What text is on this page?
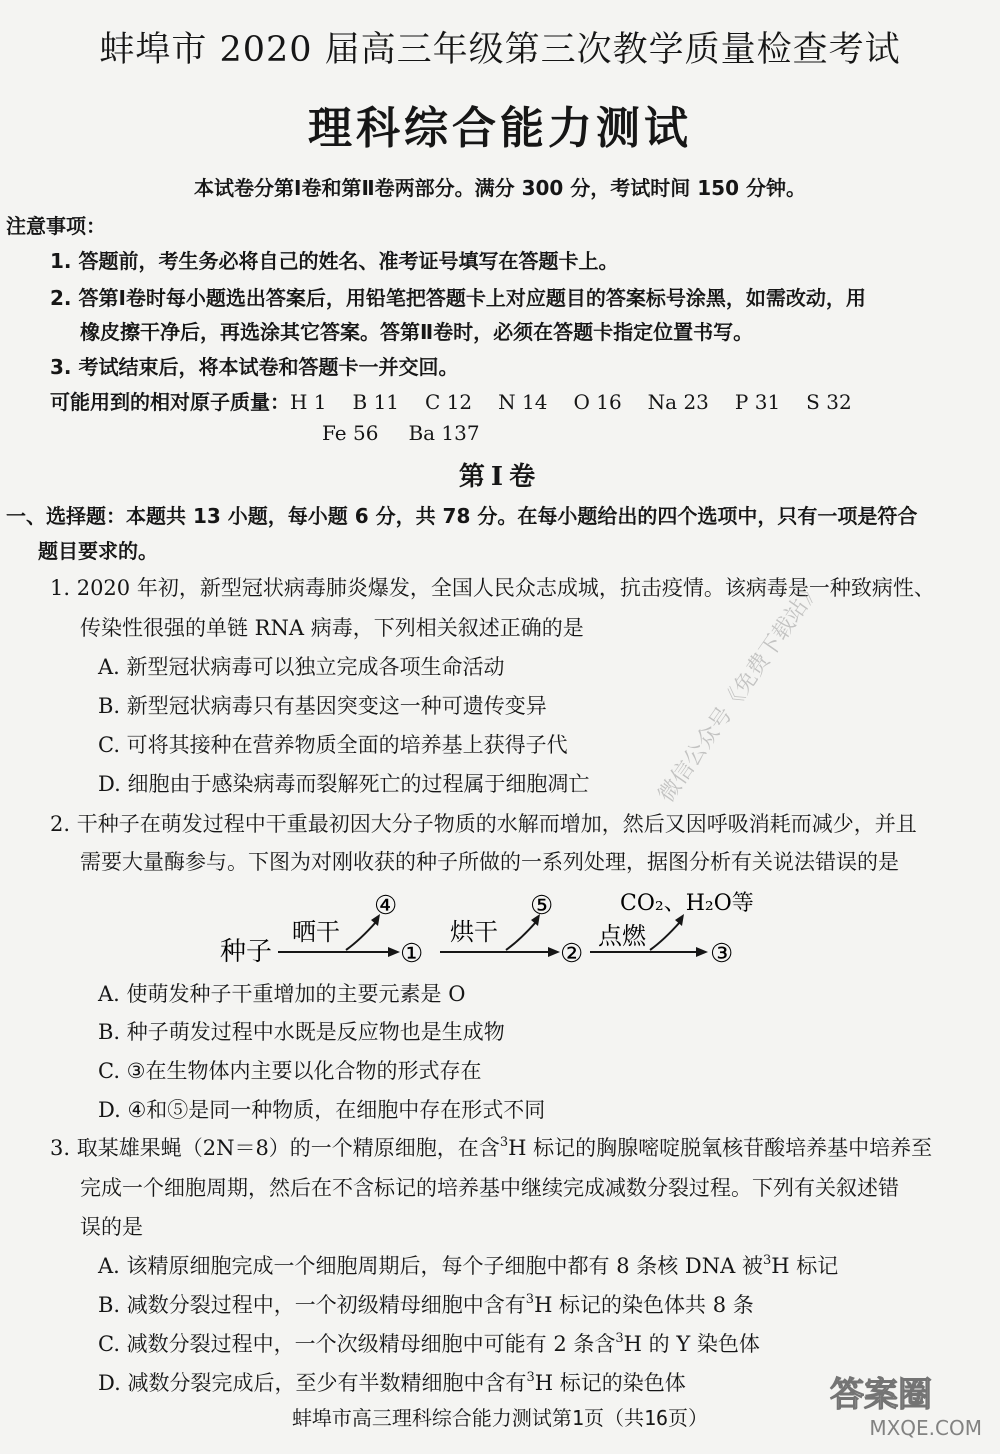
蚌埠市 2020 届高三年级第三次教学质量检查考试
理科综合能力测试
本试卷分第Ⅰ卷和第Ⅱ卷两部分。满分 300 分，考试时间 150 分钟。
注意事项：
1. 答题前，考生务必将自己的姓名、准考证号填写在答题卡上。
2. 答第Ⅰ卷时每小题选出答案后，用铅笔把答题卡上对应题目的答案标号涂黑，如需改动，用
橡皮擦干净后，再选涂其它答案。答第Ⅱ卷时，必须在答题卡指定位置书写。
3. 考试结束后，将本试卷和答题卡一并交回。
可能用到的相对原子质量：H 1 B 11 C 12 N 14 O 16 Na 23 P 31 S 32
Fe 56 Ba 137
第Ⅰ卷
一、选择题：本题共 13 小题，每小题 6 分，共 78 分。在每小题给出的四个选项中，只有一项是符合
题目要求的。
1. 2020 年初，新型冠状病毒肺炎爆发，全国人民众志成城，抗击疫情。该病毒是一种致病性、
传染性很强的单链 RNA 病毒，下列相关叙述正确的是
A. 新型冠状病毒可以独立完成各项生命活动
B. 新型冠状病毒只有基因突变这一种可遗传变异
C. 可将其接种在营养物质全面的培养基上获得子代
D. 细胞由于感染病毒而裂解死亡的过程属于细胞凋亡
2. 干种子在萌发过程中干重最初因大分子物质的水解而增加，然后又因呼吸消耗而减少，并且
需要大量酶参与。下图为对刚收获的种子所做的一系列处理，据图分析有关说法错误的是
种子
晒干
④
①
烘干
⑤
②
点燃
CO₂、H₂O等
③
A. 使萌发种子干重增加的主要元素是 O
B. 种子萌发过程中水既是反应物也是生成物
C. ③在生物体内主要以化合物的形式存在
D. ④和⑤是同一种物质，在细胞中存在形式不同
3. 取某雄果蝇（2N＝8）的一个精原细胞，在含$^3$H 标记的胸腺嘧啶脱氧核苷酸培养基中培养至
完成一个细胞周期，然后在不含标记的培养基中继续完成减数分裂过程。下列有关叙述错
误的是
A. 该精原细胞完成一个细胞周期后，每个子细胞中都有 8 条核 DNA 被$^3$H 标记
B. 减数分裂过程中，一个初级精母细胞中含有$^3$H 标记的染色体共 8 条
C. 减数分裂过程中，一个次级精母细胞中可能有 2 条含$^3$H 的 Y 染色体
D. 减数分裂完成后，至少有半数精细胞中含有$^3$H 标记的染色体
蚌埠市高三理科综合能力测试第1页（共16页）
微信公众号《免费下载站》
答案圈
MXQE.COM
